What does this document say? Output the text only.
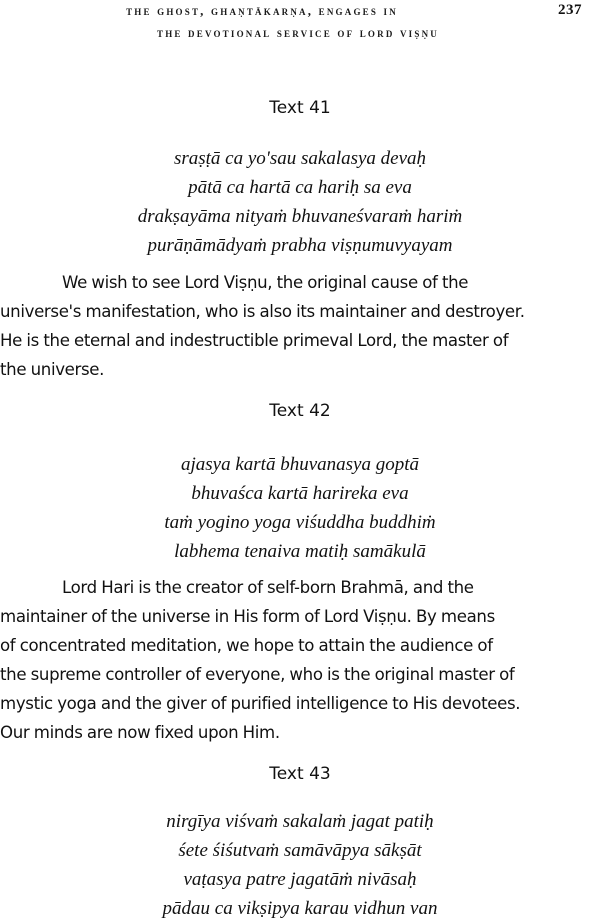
the ghost, ghaṇtākarṇa, engages in
the devotional service of lord viṣṇu
237
Text 41
sraṣṭā ca yo'sau sakalasya devaḥ
pātā ca hartā ca hariḥ sa eva
drakṣayāma nityaṁ bhuvaneśvaraṁ hariṁ
purāṇāmādyaṁ prabha viṣṇumuvyayam
We wish to see Lord Viṣṇu, the original cause of the
universe's manifestation, who is also its maintainer and destroyer.
He is the eternal and indestructible primeval Lord, the master of
the universe.
Text 42
ajasya kartā bhuvanasya goptā
bhuvaśca kartā harireka eva
taṁ yogino yoga viśuddha buddhiṁ
labhema tenaiva matiḥ samākulā
Lord Hari is the creator of self-born Brahmā, and the
maintainer of the universe in His form of Lord Viṣṇu. By means
of concentrated meditation, we hope to attain the audience of
the supreme controller of everyone, who is the original master of
mystic yoga and the giver of purified intelligence to His devotees.
Our minds are now fixed upon Him.
Text 43
nirgīya viśvaṁ sakalaṁ jagat patiḥ
śete śiśutvaṁ samāvāpya sākṣāt
vaṭasya patre jagatāṁ nivāsaḥ
pādau ca vikṣipya karau vidhun van
